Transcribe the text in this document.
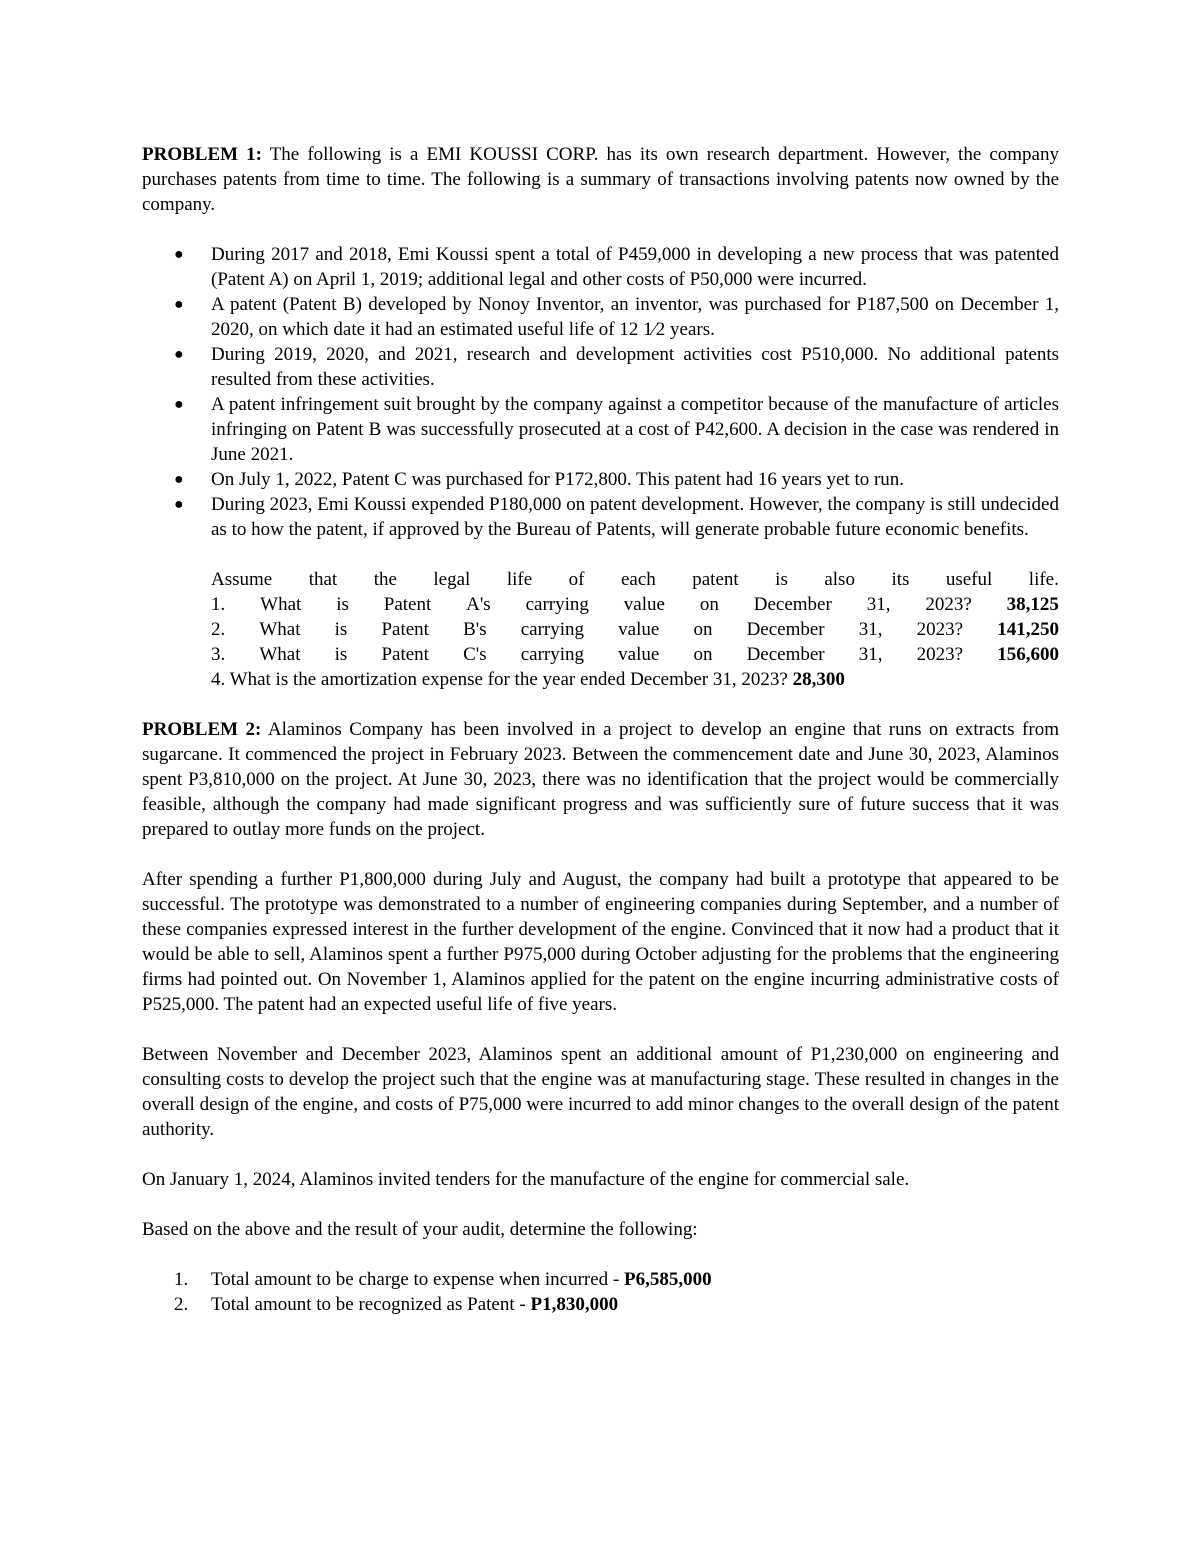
PROBLEM 1: The following is a EMI KOUSSI CORP. has its own research department. However, the company purchases patents from time to time. The following is a summary of transactions involving patents now owned by the company.

● During 2017 and 2018, Emi Koussi spent a total of P459,000 in developing a new process that was patented (Patent A) on April 1, 2019; additional legal and other costs of P50,000 were incurred.
● A patent (Patent B) developed by Nonoy Inventor, an inventor, was purchased for P187,500 on December 1, 2020, on which date it had an estimated useful life of 12 1⁄2 years.
● During 2019, 2020, and 2021, research and development activities cost P510,000. No additional patents resulted from these activities.
● A patent infringement suit brought by the company against a competitor because of the manufacture of articles infringing on Patent B was successfully prosecuted at a cost of P42,600. A decision in the case was rendered in June 2021.
● On July 1, 2022, Patent C was purchased for P172,800. This patent had 16 years yet to run.
● During 2023, Emi Koussi expended P180,000 on patent development. However, the company is still undecided as to how the patent, if approved by the Bureau of Patents, will generate probable future economic benefits.
Assume that the legal life of each patent is also its useful life.
1. What is Patent A's carrying value on December 31, 2023? 38,125
2. What is Patent B's carrying value on December 31, 2023? 141,250
3. What is Patent C's carrying value on December 31, 2023? 156,600
4. What is the amortization expense for the year ended December 31, 2023? 28,300

PROBLEM 2: Alaminos Company has been involved in a project to develop an engine that runs on extracts from sugarcane. It commenced the project in February 2023. Between the commencement date and June 30, 2023, Alaminos spent P3,810,000 on the project. At June 30, 2023, there was no identification that the project would be commercially feasible, although the company had made significant progress and was sufficiently sure of future success that it was prepared to outlay more funds on the project.

After spending a further P1,800,000 during July and August, the company had built a prototype that appeared to be successful. The prototype was demonstrated to a number of engineering companies during September, and a number of these companies expressed interest in the further development of the engine. Convinced that it now had a product that it would be able to sell, Alaminos spent a further P975,000 during October adjusting for the problems that the engineering firms had pointed out. On November 1, Alaminos applied for the patent on the engine incurring administrative costs of P525,000. The patent had an expected useful life of five years.

Between November and December 2023, Alaminos spent an additional amount of P1,230,000 on engineering and consulting costs to develop the project such that the engine was at manufacturing stage. These resulted in changes in the overall design of the engine, and costs of P75,000 were incurred to add minor changes to the overall design of the patent authority.

On January 1, 2024, Alaminos invited tenders for the manufacture of the engine for commercial sale.

Based on the above and the result of your audit, determine the following:

1. Total amount to be charge to expense when incurred - P6,585,000
2. Total amount to be recognized as Patent - P1,830,000
